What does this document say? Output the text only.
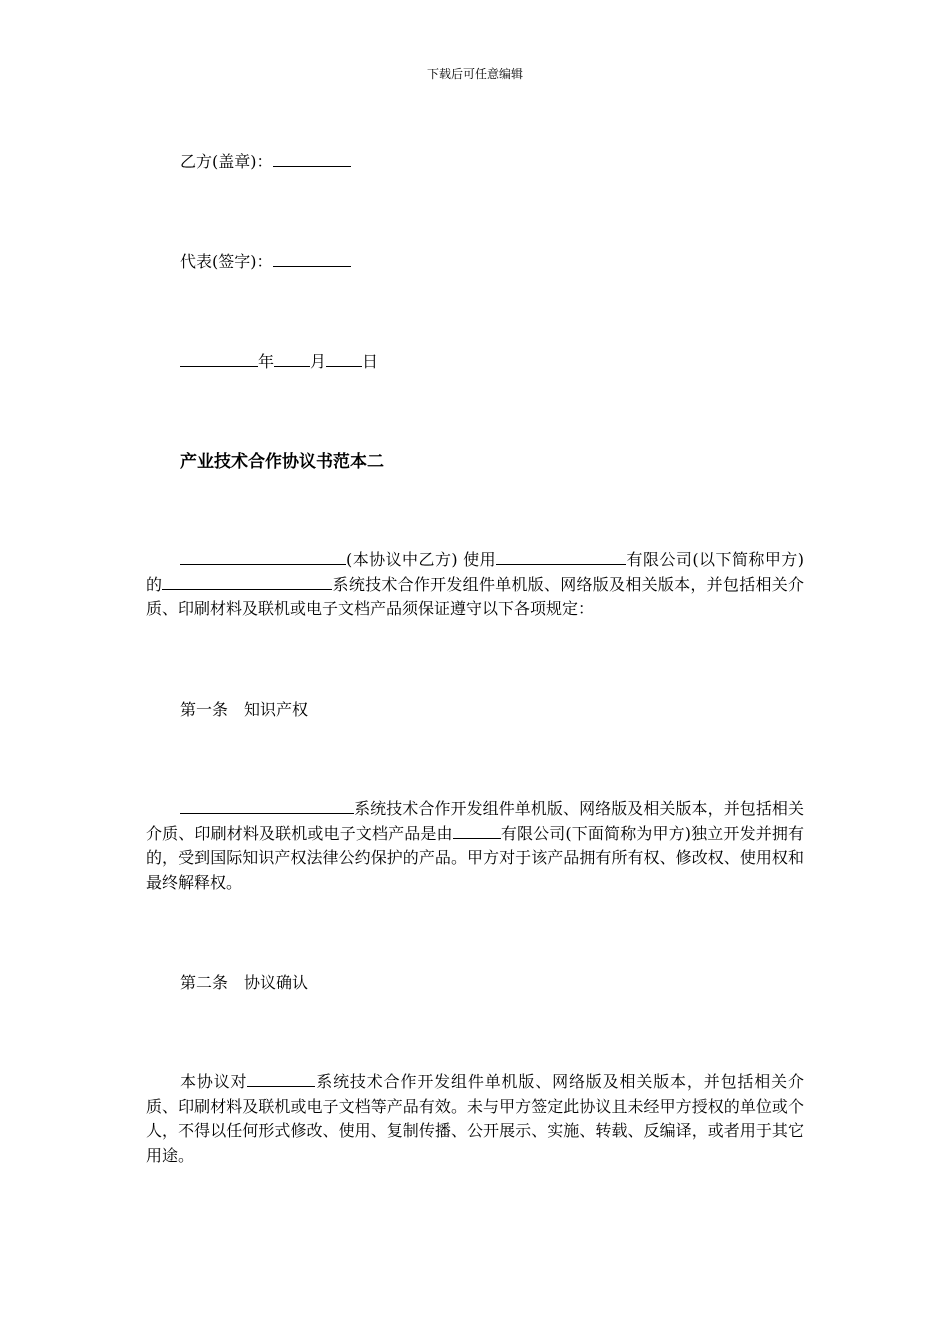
下载后可任意编辑
乙方(盖章)：
代表(签字)：
年 月 日
产业技术合作协议书范本二
(本协议中乙方) 使用	有限公司(以下简称甲方)的	系统技术合作开发组件单机版、网络版及相关版本，并包括相关介质、印刷材料及联机或电子文档产品须保证遵守以下各项规定：
第一条　知识产权
系统技术合作开发组件单机版、网络版及相关版本，并包括相关介质、印刷材料及联机或电子文档产品是由	有限公司(下面简称为甲方)独立开发并拥有的，受到国际知识产权法律公约保护的产品。甲方对于该产品拥有所有权、修改权、使用权和最终解释权。
第二条　协议确认
本协议对	系统技术合作开发组件单机版、网络版及相关版本，并包括相关介质、印刷材料及联机或电子文档等产品有效。未与甲方签定此协议且未经甲方授权的单位或个人，不得以任何形式修改、使用、复制传播、公开展示、实施、转载、反编译，或者用于其它用途。
